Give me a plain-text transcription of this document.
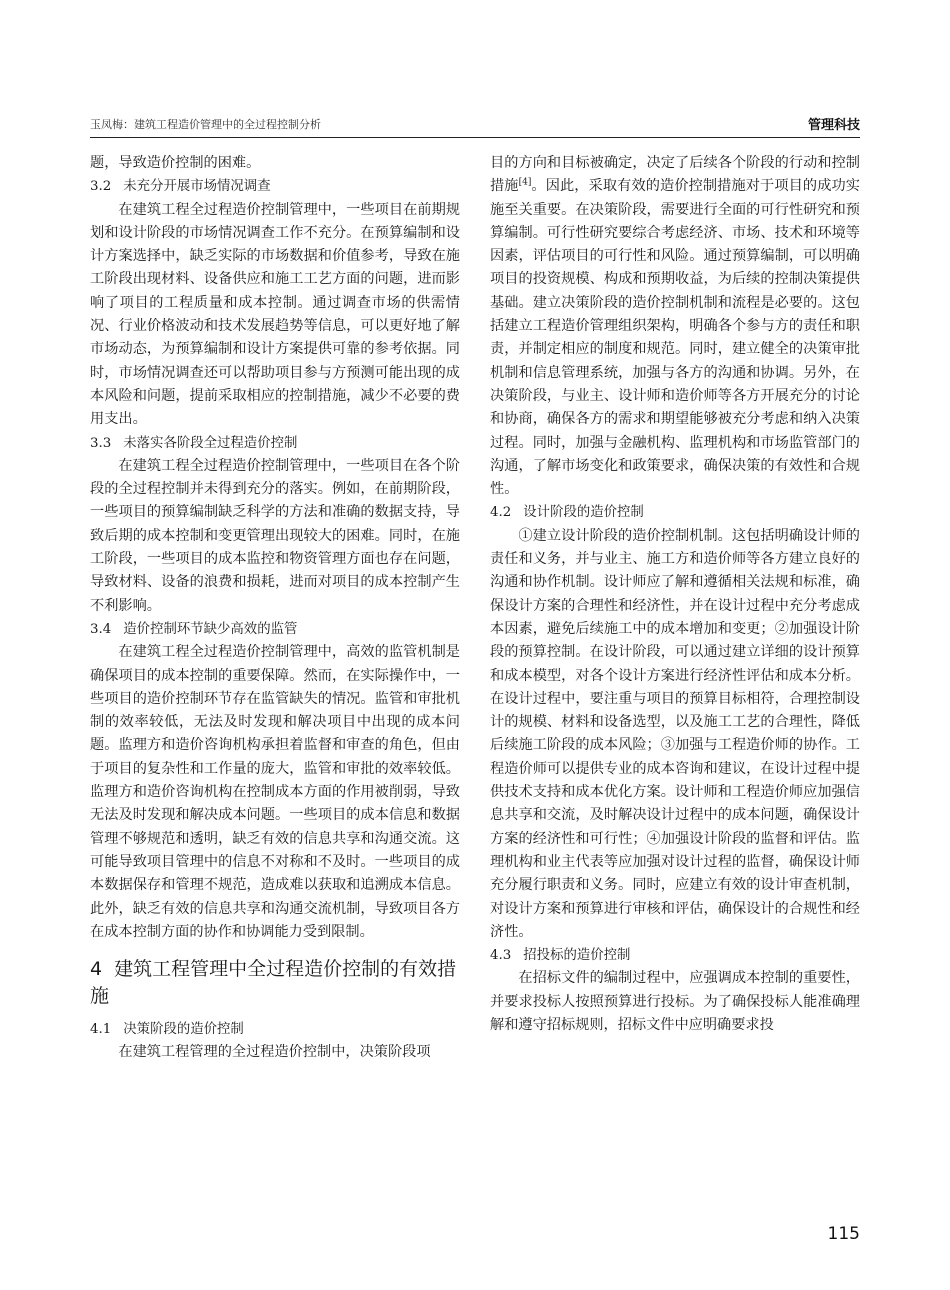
玉凤梅：建筑工程造价管理中的全过程控制分析	管理科技

题，导致造价控制的困难。

3.2 未充分开展市场情况调查

在建筑工程全过程造价控制管理中，一些项目在前期规划和设计阶段的市场情况调查工作不充分。在预算编制和设计方案选择中，缺乏实际的市场数据和价值参考，导致在施工阶段出现材料、设备供应和施工工艺方面的问题，进而影响了项目的工程质量和成本控制。通过调查市场的供需情况、行业价格波动和技术发展趋势等信息，可以更好地了解市场动态，为预算编制和设计方案提供可靠的参考依据。同时，市场情况调查还可以帮助项目参与方预测可能出现的成本风险和问题，提前采取相应的控制措施，减少不必要的费用支出。

3.3 未落实各阶段全过程造价控制

在建筑工程全过程造价控制管理中，一些项目在各个阶段的全过程控制并未得到充分的落实。例如，在前期阶段，一些项目的预算编制缺乏科学的方法和准确的数据支持，导致后期的成本控制和变更管理出现较大的困难。同时，在施工阶段，一些项目的成本监控和物资管理方面也存在问题，导致材料、设备的浪费和损耗，进而对项目的成本控制产生不利影响。

3.4 造价控制环节缺少高效的监管

在建筑工程全过程造价控制管理中，高效的监管机制是确保项目的成本控制的重要保障。然而，在实际操作中，一些项目的造价控制环节存在监管缺失的情况。监管和审批机制的效率较低，无法及时发现和解决项目中出现的成本问题。监理方和造价咨询机构承担着监督和审查的角色，但由于项目的复杂性和工作量的庞大，监管和审批的效率较低。监理方和造价咨询机构在控制成本方面的作用被削弱，导致无法及时发现和解决成本问题。一些项目的成本信息和数据管理不够规范和透明，缺乏有效的信息共享和沟通交流。这可能导致项目管理中的信息不对称和不及时。一些项目的成本数据保存和管理不规范，造成难以获取和追溯成本信息。此外，缺乏有效的信息共享和沟通交流机制，导致项目各方在成本控制方面的协作和协调能力受到限制。

4 建筑工程管理中全过程造价控制的有效措施

4.1 决策阶段的造价控制

在建筑工程管理的全过程造价控制中，决策阶段项

目的方向和目标被确定，决定了后续各个阶段的行动和控制措施[4]。因此，采取有效的造价控制措施对于项目的成功实施至关重要。在决策阶段，需要进行全面的可行性研究和预算编制。可行性研究要综合考虑经济、市场、技术和环境等因素，评估项目的可行性和风险。通过预算编制，可以明确项目的投资规模、构成和预期收益，为后续的控制决策提供基础。建立决策阶段的造价控制机制和流程是必要的。这包括建立工程造价管理组织架构，明确各个参与方的责任和职责，并制定相应的制度和规范。同时，建立健全的决策审批机制和信息管理系统，加强与各方的沟通和协调。另外，在决策阶段，与业主、设计师和造价师等各方开展充分的讨论和协商，确保各方的需求和期望能够被充分考虑和纳入决策过程。同时，加强与金融机构、监理机构和市场监管部门的沟通，了解市场变化和政策要求，确保决策的有效性和合规性。

4.2 设计阶段的造价控制

①建立设计阶段的造价控制机制。这包括明确设计师的责任和义务，并与业主、施工方和造价师等各方建立良好的沟通和协作机制。设计师应了解和遵循相关法规和标准，确保设计方案的合理性和经济性，并在设计过程中充分考虑成本因素，避免后续施工中的成本增加和变更；②加强设计阶段的预算控制。在设计阶段，可以通过建立详细的设计预算和成本模型，对各个设计方案进行经济性评估和成本分析。在设计过程中，要注重与项目的预算目标相符，合理控制设计的规模、材料和设备选型，以及施工工艺的合理性，降低后续施工阶段的成本风险；③加强与工程造价师的协作。工程造价师可以提供专业的成本咨询和建议，在设计过程中提供技术支持和成本优化方案。设计师和工程造价师应加强信息共享和交流，及时解决设计过程中的成本问题，确保设计方案的经济性和可行性；④加强设计阶段的监督和评估。监理机构和业主代表等应加强对设计过程的监督，确保设计师充分履行职责和义务。同时，应建立有效的设计审查机制，对设计方案和预算进行审核和评估，确保设计的合规性和经济性。

4.3 招投标的造价控制

在招标文件的编制过程中，应强调成本控制的重要性，并要求投标人按照预算进行投标。为了确保投标人能准确理解和遵守招标规则，招标文件中应明确要求投

115
